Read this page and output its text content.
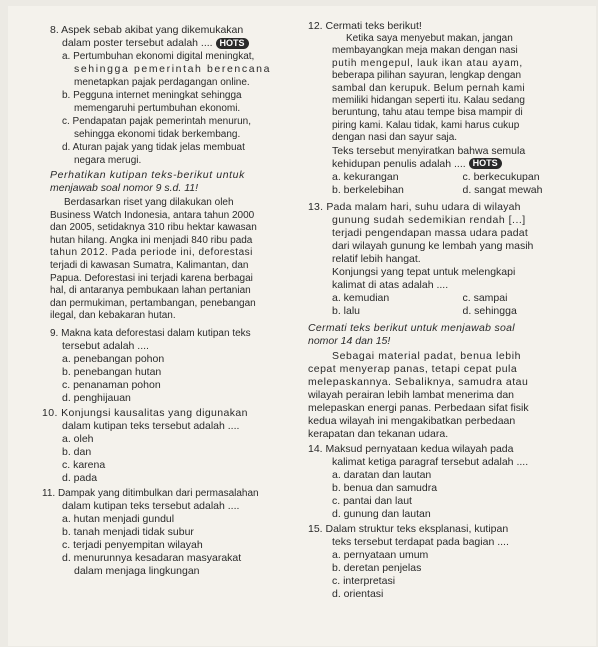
8. Aspek sebab akibat yang dikemukakan

dalam poster tersebut adalah .... HOTS

a. Pertumbuhan ekonomi digital meningkat,

sehingga pemerintah berencana

menetapkan pajak perdagangan online.

b. Pegguna internet meningkat sehingga

memengaruhi pertumbuhan ekonomi.

c. Pendapatan pajak pemerintah menurun,

sehingga ekonomi tidak berkembang.

d. Aturan pajak yang tidak jelas membuat

negara merugi.

Perhatikan kutipan teks-berikut untuk

menjawab soal nomor 9 s.d. 11!

Berdasarkan riset yang dilakukan oleh

Business Watch Indonesia, antara tahun 2000

dan 2005, setidaknya 310 ribu hektar kawasan

hutan hilang. Angka ini menjadi 840 ribu pada

tahun 2012. Pada periode ini, deforestasi

terjadi di kawasan Sumatra, Kalimantan, dan

Papua. Deforestasi ini terjadi karena berbagai

hal, di antaranya pembukaan lahan pertanian

dan permukiman, pertambangan, penebangan

ilegal, dan kebakaran hutan.

9. Makna kata deforestasi dalam kutipan teks

tersebut adalah ....

a. penebangan pohon

b. penebangan hutan

c. penanaman pohon

d. penghijauan

10. Konjungsi kausalitas yang digunakan

dalam kutipan teks tersebut adalah ....

a. oleh

b. dan

c. karena

d. pada

11. Dampak yang ditimbulkan dari permasalahan

dalam kutipan teks tersebut adalah ....

a. hutan menjadi gundul

b. tanah menjadi tidak subur

c. terjadi penyempitan wilayah

d. menurunnya kesadaran masyarakat

dalam menjaga lingkungan

12. Cermati teks berikut!

Ketika saya menyebut makan, jangan

membayangkan meja makan dengan nasi

putih mengepul, lauk ikan atau ayam,

beberapa pilihan sayuran, lengkap dengan

sambal dan kerupuk. Belum pernah kami

memiliki hidangan seperti itu. Kalau sedang

beruntung, tahu atau tempe bisa mampir di

piring kami. Kalau tidak, kami harus cukup

dengan nasi dan sayur saja.

Teks tersebut menyiratkan bahwa semula

kehidupan penulis adalah .... HOTS

a. kekurangan	c. berkecukupan
b. berkelebihan	d. sangat mewah

13. Pada malam hari, suhu udara di wilayah

gunung sudah sedemikian rendah [...]

terjadi pengendapan massa udara padat

dari wilayah gunung ke lembah yang masih

relatif lebih hangat.

Konjungsi yang tepat untuk melengkapi

kalimat di atas adalah ....

a. kemudian	c. sampai
b. lalu	d. sehingga

Cermati teks berikut untuk menjawab soal

nomor 14 dan 15!

Sebagai material padat, benua lebih

cepat menyerap panas, tetapi cepat pula

melepaskannya. Sebaliknya, samudra atau

wilayah perairan lebih lambat menerima dan

melepaskan energi panas. Perbedaan sifat fisik

kedua wilayah ini mengakibatkan perbedaan

kerapatan dan tekanan udara.

14. Maksud pernyataan kedua wilayah pada

kalimat ketiga paragraf tersebut adalah ....

a. daratan dan lautan

b. benua dan samudra

c. pantai dan laut

d. gunung dan lautan

15. Dalam struktur teks eksplanasi, kutipan

teks tersebut terdapat pada bagian ....

a. pernyataan umum

b. deretan penjelas

c. interpretasi

d. orientasi
